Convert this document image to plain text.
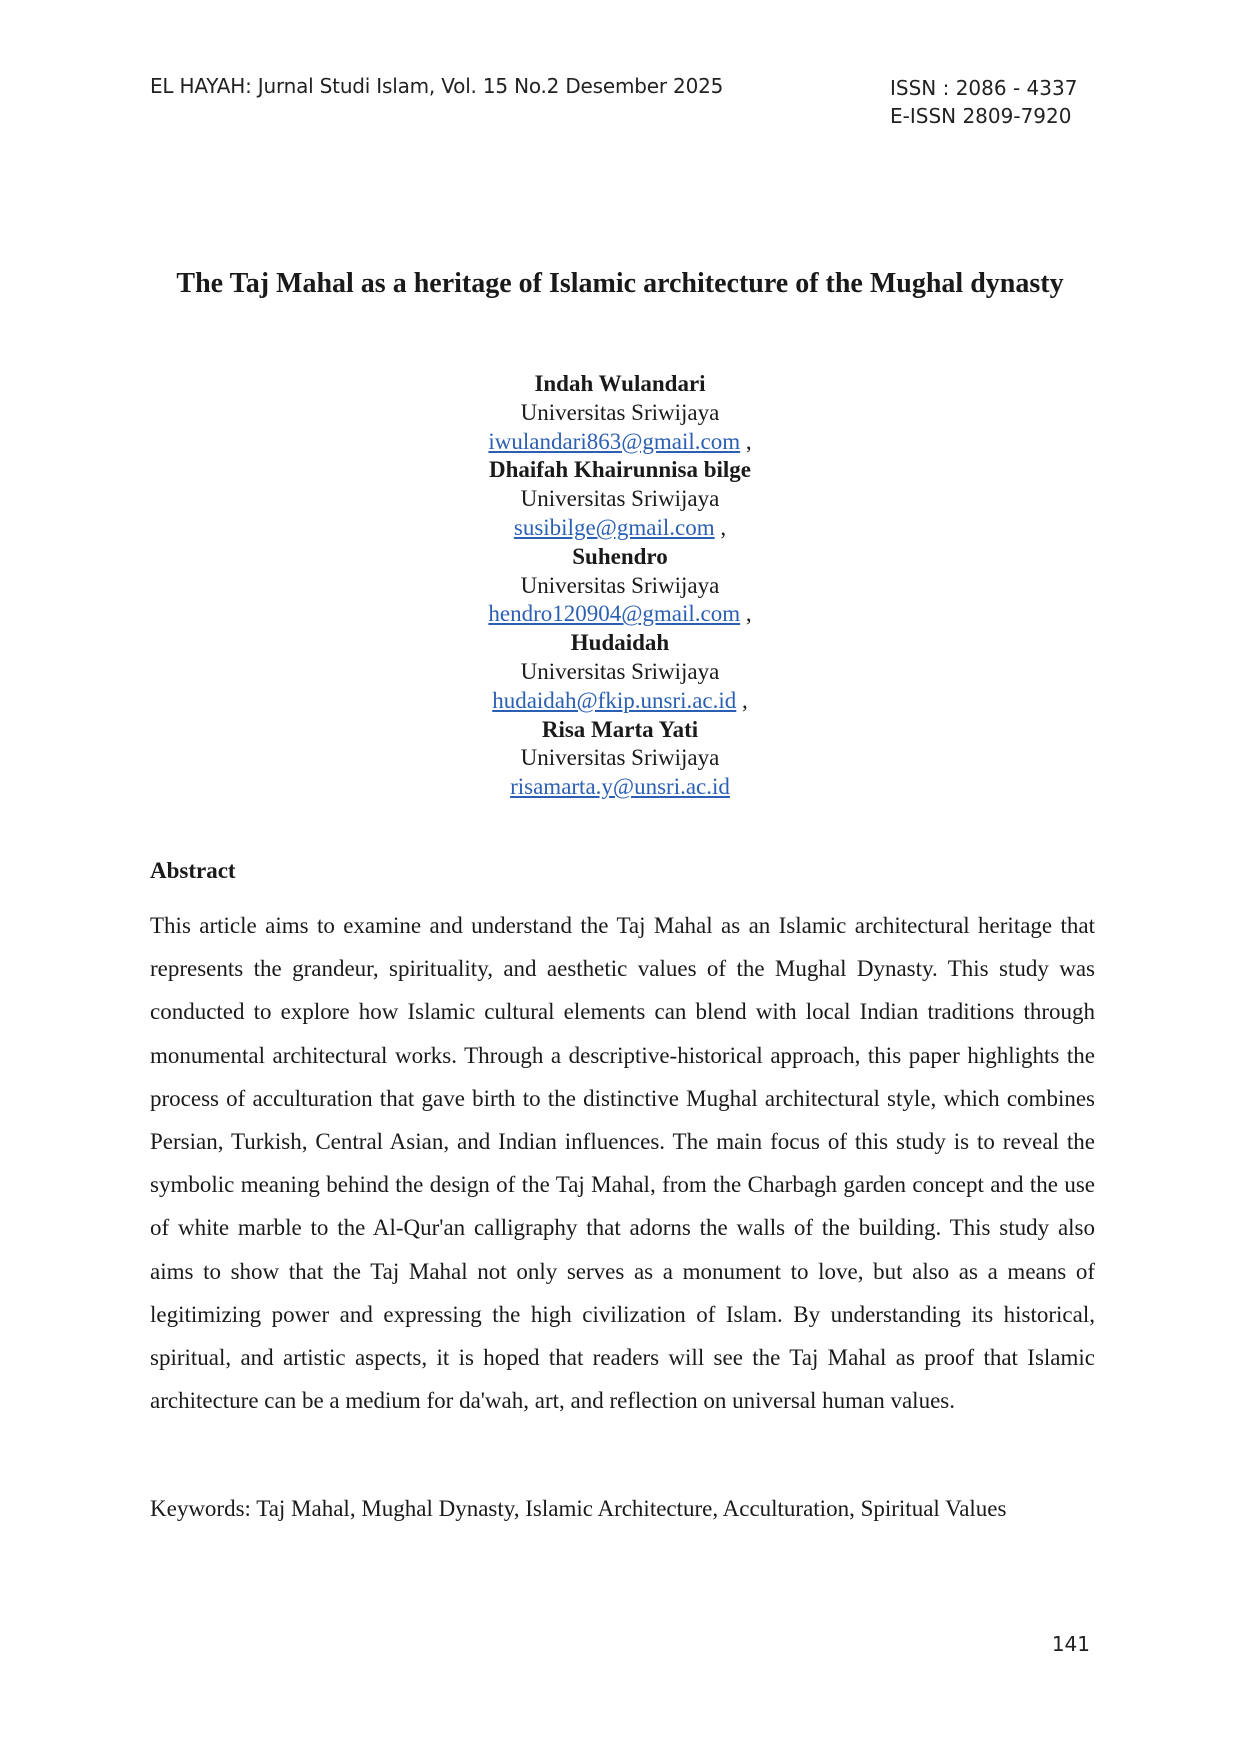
EL HAYAH: Jurnal Studi Islam, Vol. 15 No.2 Desember 2025	ISSN : 2086 - 4337
E-ISSN 2809-7920
The Taj Mahal as a heritage of Islamic architecture of the Mughal dynasty
Indah Wulandari
Universitas Sriwijaya
iwulandari863@gmail.com ,
Dhaifah Khairunnisa bilge
Universitas Sriwijaya
susibilge@gmail.com ,
Suhendro
Universitas Sriwijaya
hendro120904@gmail.com ,
Hudaidah
Universitas Sriwijaya
hudaidah@fkip.unsri.ac.id ,
Risa Marta Yati
Universitas Sriwijaya
risamarta.y@unsri.ac.id
Abstract
This article aims to examine and understand the Taj Mahal as an Islamic architectural heritage that represents the grandeur, spirituality, and aesthetic values of the Mughal Dynasty. This study was conducted to explore how Islamic cultural elements can blend with local Indian traditions through monumental architectural works. Through a descriptive-historical approach, this paper highlights the process of acculturation that gave birth to the distinctive Mughal architectural style, which combines Persian, Turkish, Central Asian, and Indian influences. The main focus of this study is to reveal the symbolic meaning behind the design of the Taj Mahal, from the Charbagh garden concept and the use of white marble to the Al-Qur'an calligraphy that adorns the walls of the building. This study also aims to show that the Taj Mahal not only serves as a monument to love, but also as a means of legitimizing power and expressing the high civilization of Islam. By understanding its historical, spiritual, and artistic aspects, it is hoped that readers will see the Taj Mahal as proof that Islamic architecture can be a medium for da'wah, art, and reflection on universal human values.
Keywords: Taj Mahal, Mughal Dynasty, Islamic Architecture, Acculturation, Spiritual Values
141
